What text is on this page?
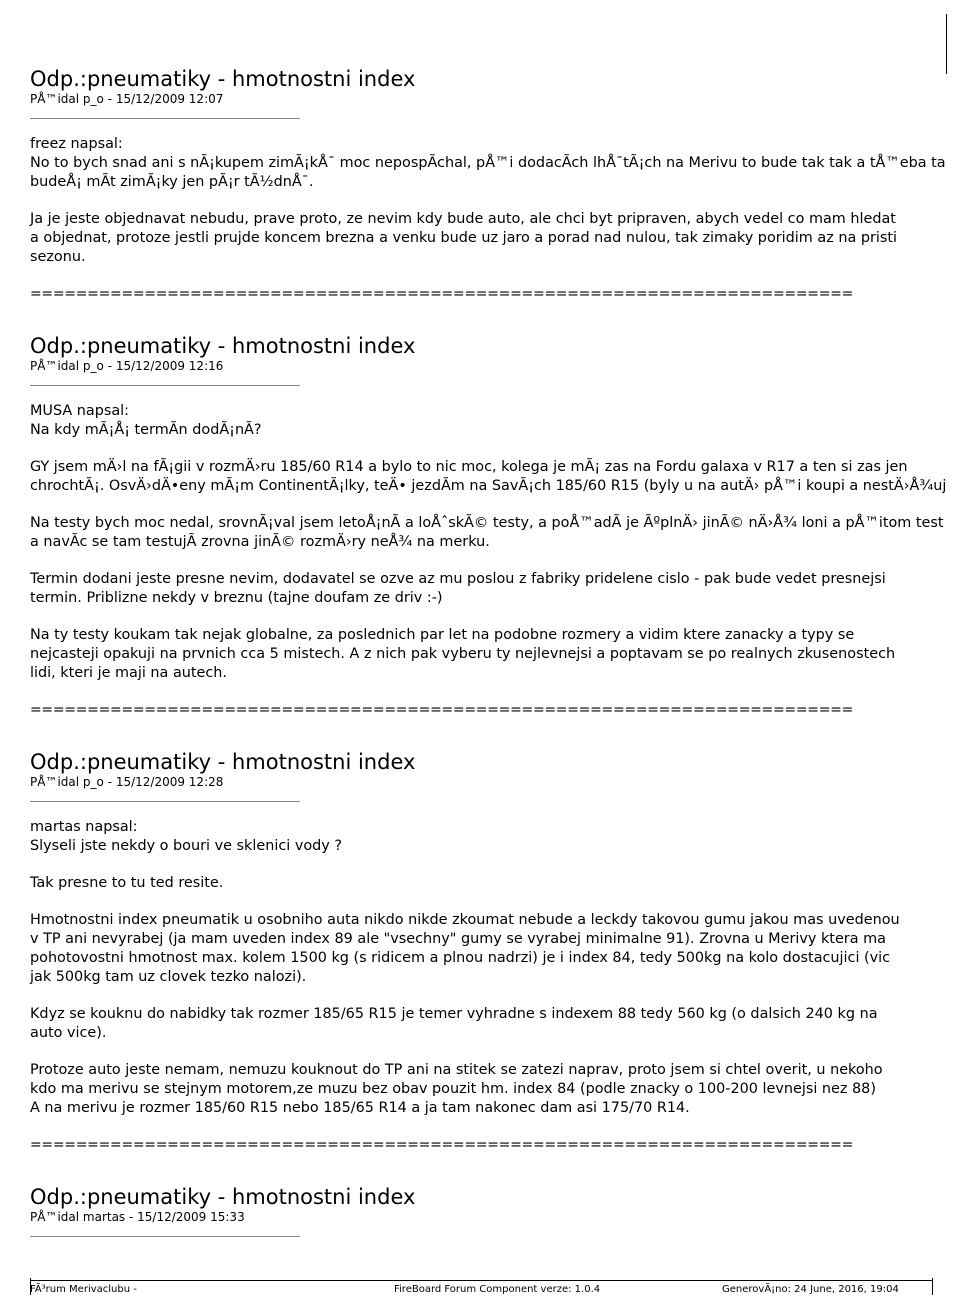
Odp.:pneumatiky - hmotnostni index
PÅ™idal p_o - 15/12/2009 12:07

freez napsal:
No to bych snad ani s nÃ¡kupem zimÃ¡kÅ¯ moc nepospÃchal, pÅ™i dodacÃch lhÅ¯tÃ¡ch na Merivu to bude tak tak a tÅ™eba ta
budeÅ¡ mÃt zimÃ¡ky jen pÃ¡r tÃ½dnÅ¯.

Ja je jeste objednavat nebudu, prave proto, ze nevim kdy bude auto, ale chci byt pripraven, abych vedel co mam hledat
a objednat, protoze jestli prujde koncem brezna a venku bude uz jaro a porad nad nulou, tak zimaky poridim az na pristi
sezonu.

========================================================================
Odp.:pneumatiky - hmotnostni index
PÅ™idal p_o - 15/12/2009 12:16

MUSA napsal:
Na kdy mÃ¡Å¡ termÃn dodÃ¡nÃ?

GY jsem mÄ›l na fÃ¡gii v rozmÄ›ru 185/60 R14 a bylo to nic moc, kolega je mÃ¡ zas na Fordu galaxa v R17 a ten si zas jen
chrochtÃ¡. OsvÄ›dÄ•eny mÃ¡m ContinentÃ¡lky, teÄ• jezdÃm na SavÃ¡ch 185/60 R15 (byly u na autÄ› pÅ™i koupi a nestÄ›Å¾uj

Na testy bych moc nedal, srovnÃ¡val jsem letoÅ¡nÃ a loÅˆskÃ© testy, a poÅ™adÃ je ÃºplnÄ› jinÃ© nÄ›Å¾ loni a pÅ™itom test
a navÃc se tam testujÃ zrovna jinÃ© rozmÄ›ry neÅ¾ na merku.

Termin dodani jeste presne nevim, dodavatel se ozve az mu poslou z fabriky pridelene cislo - pak bude vedet presnejsi
termin. Priblizne nekdy v breznu (tajne doufam ze driv :-)

Na ty testy koukam tak nejak globalne, za poslednich par let na podobne rozmery a vidim ktere zanacky a typy se
nejcasteji opakuji na prvnich cca 5 mistech. A z nich pak vyberu ty nejlevnejsi a poptavam se po realnych zkusenostech
lidi, kteri je maji na autech.

========================================================================
Odp.:pneumatiky - hmotnostni index
PÅ™idal p_o - 15/12/2009 12:28

martas napsal:
Slyseli jste nekdy o bouri ve sklenici vody ?

Tak presne to tu ted resite.

Hmotnostni index pneumatik u osobniho auta nikdo nikde zkoumat nebude a leckdy takovou gumu jakou mas uvedenou
v TP ani nevyrabej (ja mam uveden index 89 ale "vsechny" gumy se vyrabej minimalne 91). Zrovna u Merivy ktera ma
pohotovostni hmotnost max. kolem 1500 kg (s ridicem a plnou nadrzi) je i index 84, tedy 500kg na kolo dostacujici (vic
jak 500kg tam uz clovek tezko nalozi).

Kdyz se kouknu do nabidky tak rozmer 185/65 R15 je temer vyhradne s indexem 88 tedy 560 kg (o dalsich 240 kg na
auto vice).

Protoze auto jeste nemam, nemuzu kouknout do TP ani na stitek se zatezi naprav, proto jsem si chtel overit, u nekoho
kdo ma merivu se stejnym motorem,ze muzu bez obav pouzit hm. index 84 (podle znacky o 100-200 levnejsi nez 88)
A na merivu je rozmer 185/60 R15 nebo 185/65 R14 a ja tam nakonec dam asi 175/70 R14.

========================================================================
Odp.:pneumatiky - hmotnostni index
PÅ™idal martas - 15/12/2009 15:33
FÃ³rum Merivaclubu -	FireBoard Forum Component verze: 1.0.4	GenerovÃ¡no: 24 June, 2016, 19:04
